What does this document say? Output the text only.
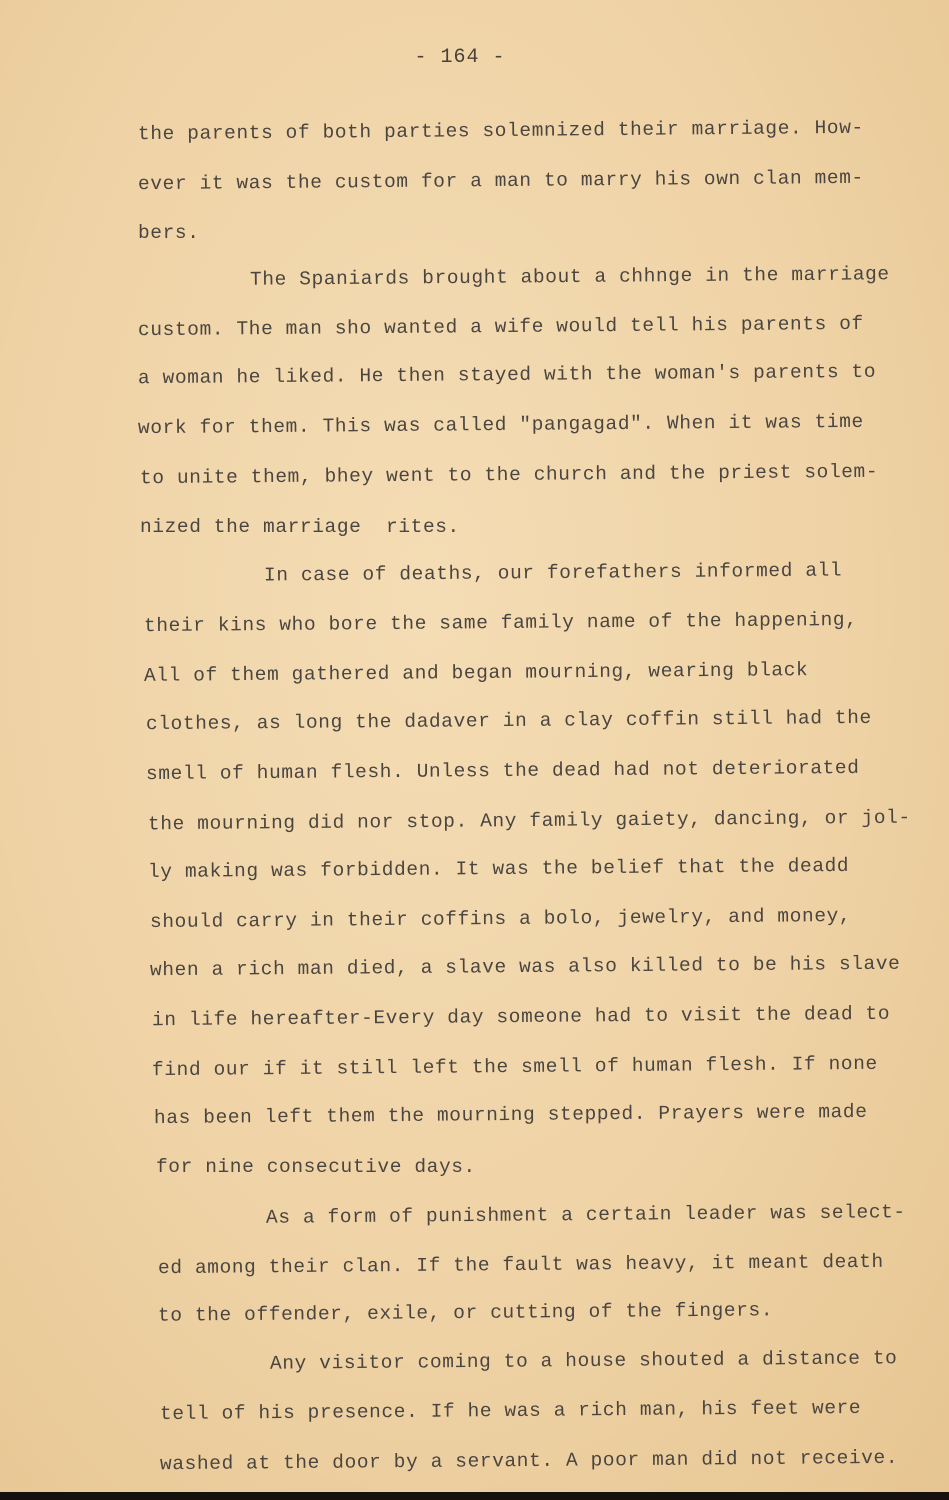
- 164 -
the parents of both parties solemnized their marriage. How-
ever it was the custom for a man to marry his own clan mem-
bers.
The Spaniards brought about a chhnge in the marriage
custom. The man sho wanted a wife would tell his parents of
a woman he liked. He then stayed with the woman's parents to
work for them. This was called "pangagad". When it was time
to unite them, bhey went to the church and the priest solem-
nized the marriage  rites.
In case of deaths, our forefathers informed all
their kins who bore the same family name of the happening,
All of them gathered and began mourning, wearing black
clothes, as long the dadaver in a clay coffin still had the
smell of human flesh. Unless the dead had not deteriorated
the mourning did nor stop. Any family gaiety, dancing, or jol-
ly making was forbidden. It was the belief that the deadd
should carry in their coffins a bolo, jewelry, and money,
when a rich man died, a slave was also killed to be his slave
in life hereafter-Every day someone had to visit the dead to
find our if it still left the smell of human flesh. If none
has been left them the mourning stepped. Prayers were made
for nine consecutive days.
As a form of punishment a certain leader was select-
ed among their clan. If the fault was heavy, it meant death
to the offender, exile, or cutting of the fingers.
Any visitor coming to a house shouted a distance to
tell of his presence. If he was a rich man, his feet were
washed at the door by a servant. A poor man did not receive.
